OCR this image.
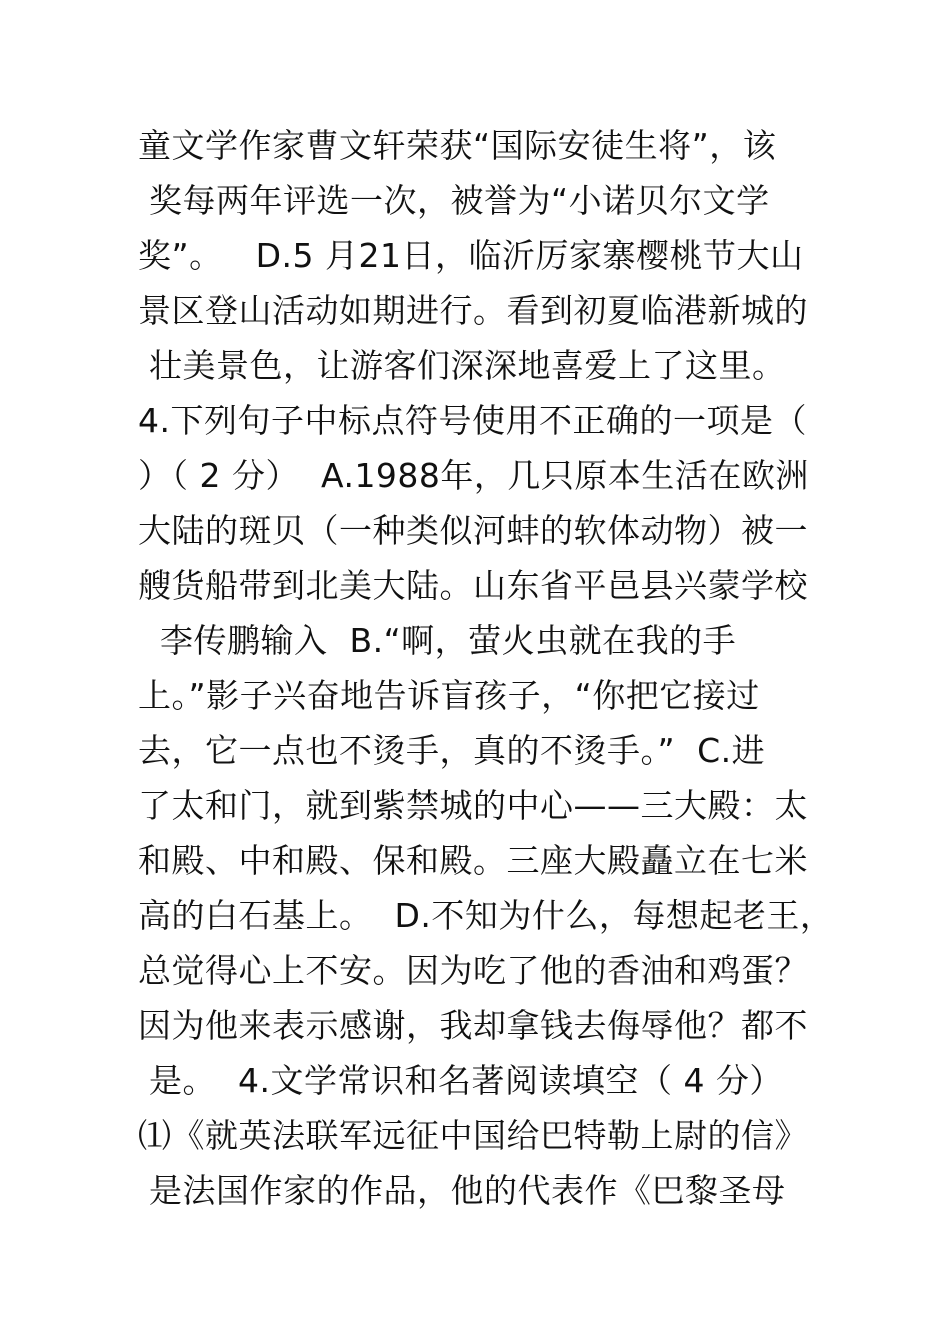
童文学作家曹文轩荣获“国际安徒生将”，该
奖每两年评选一次，被誉为“小诺贝尔文学
奖”。   D.5 月21日，临沂厉家寨樱桃节大山
景区登山活动如期进行。看到初夏临港新城的
壮美景色，让游客们深深地喜爱上了这里。
4.下列句子中标点符号使用不正确的一项是（
）（ 2 分）  A.1988年，几只原本生活在欧洲
大陆的斑贝（一种类似河蚌的软体动物）被一
艘货船带到北美大陆。山东省平邑县兴蒙学校
李传鹏输入  B.“啊，萤火虫就在我的手
上。”影子兴奋地告诉盲孩子，“你把它接过
去，它一点也不烫手，真的不烫手。”  C.进
了太和门，就到紫禁城的中心——三大殿：太
和殿、中和殿、保和殿。三座大殿矗立在七米
高的白石基上。  D.不知为什么，每想起老王，
总觉得心上不安。因为吃了他的香油和鸡蛋？
因为他来表示感谢，我却拿钱去侮辱他？都不
是。  4.文学常识和名著阅读填空（ 4 分）
⑴《就英法联军远征中国给巴特勒上尉的信》
是法国作家的作品，他的代表作《巴黎圣母
